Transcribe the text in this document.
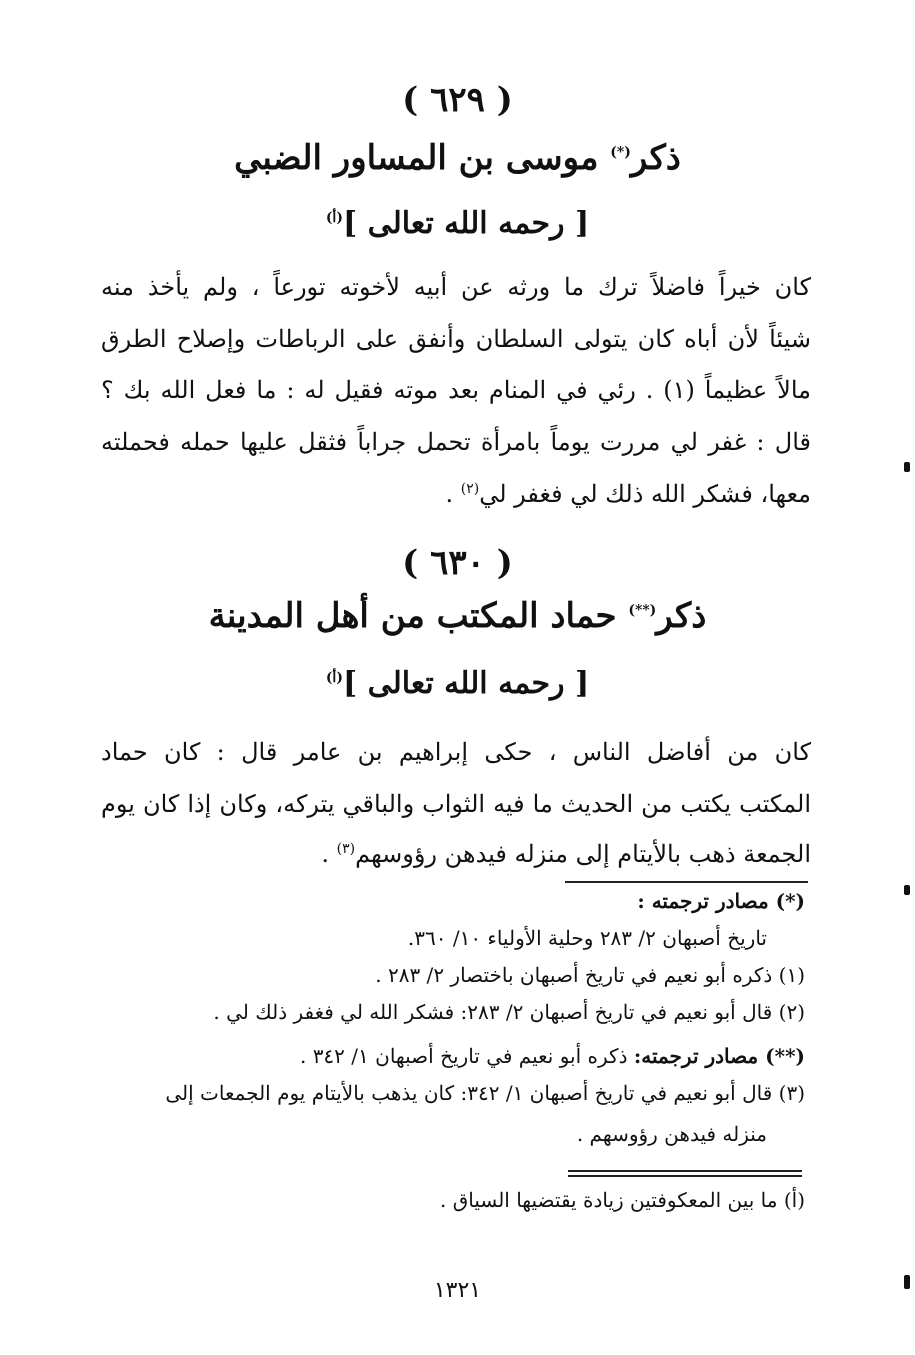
( ٦٢٩ )
ذكر(*) موسى بن المساور الضبي
[ رحمه الله تعالى ]$^{(أ)}$
كان خيراً فاضلاً ترك ما ورثه عن أبيه لأخوته تورعاً ، ولم يأخذ منه
شيئاً لأن أباه كان يتولى السلطان وأنفق على الرباطات وإصلاح الطرق
مالاً عظيماً (١) . رئي في المنام بعد موته فقيل له : ما فعل الله بك ؟
قال : غفر لي مررت يوماً بامرأة تحمل جراباً فثقل عليها حمله فحملته
معها، فشكر الله ذلك لي فغفر لي$^{(٢)}$ .
( ٦٣٠ )
ذكر(**) حماد المكتب من أهل المدينة
[ رحمه الله تعالى ]$^{(أ)}$
كان من أفاضل الناس ، حكى إبراهيم بن عامر قال : كان حماد
المكتب يكتب من الحديث ما فيه الثواب والباقي يتركه، وكان إذا كان يوم
الجمعة ذهب بالأيتام إلى منزله فيدهن رؤوسهم$^{(٣)}$ .
(*) مصادر ترجمته :
تاريخ أصبهان ٢/ ٢٨٣ وحلية الأولياء ١٠/ ٣٦٠.
(١) ذكره أبو نعيم في تاريخ أصبهان باختصار ٢/ ٢٨٣ .
(٢) قال أبو نعيم في تاريخ أصبهان ٢/ ٢٨٣: فشكر الله لي فغفر ذلك لي .
(**) مصادر ترجمته: ذكره أبو نعيم في تاريخ أصبهان ١/ ٣٤٢ .
(٣) قال أبو نعيم في تاريخ أصبهان ١/ ٣٤٢: كان يذهب بالأيتام يوم الجمعات إلى
منزله فيدهن رؤوسهم .
(أ) ما بين المعكوفتين زيادة يقتضيها السياق .
١٣٢١
